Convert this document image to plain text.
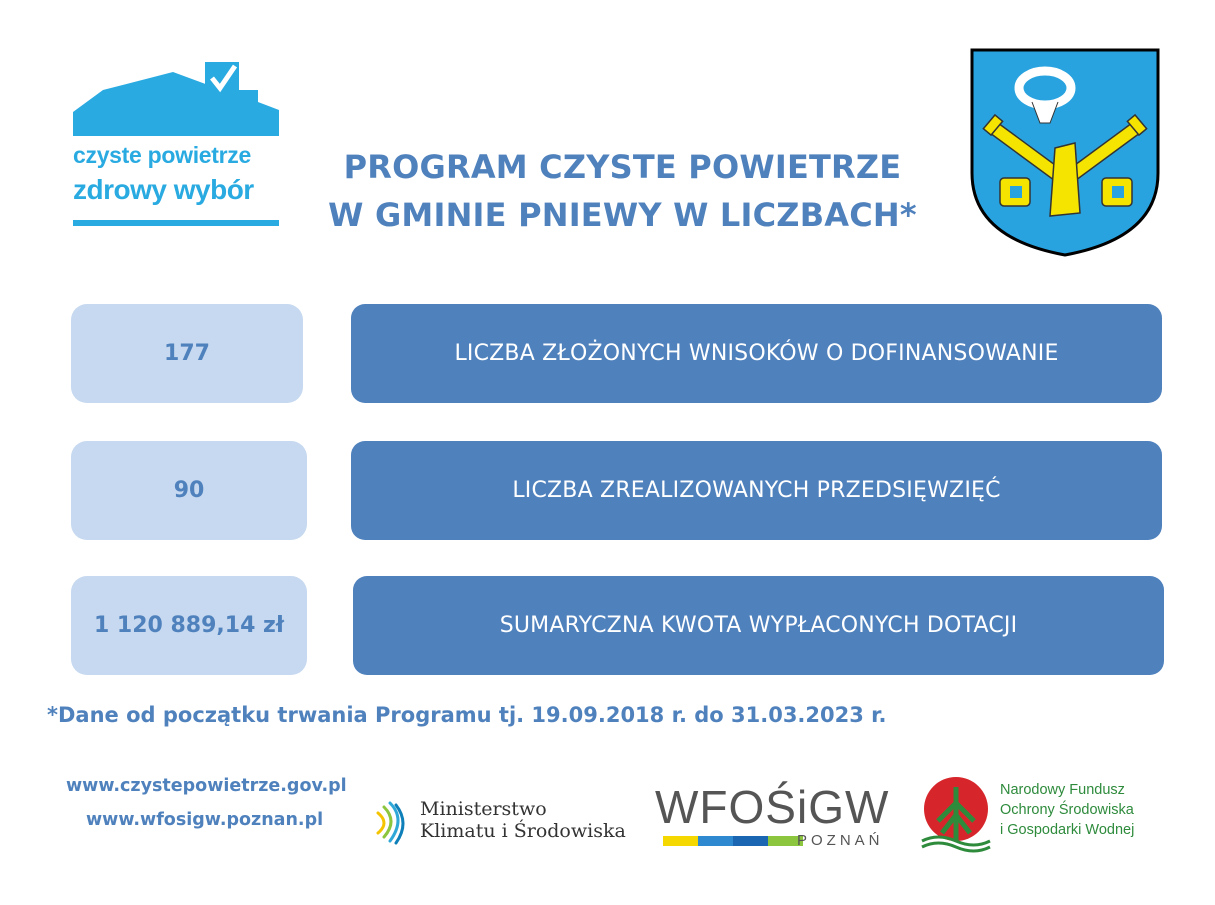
czyste powietrze
zdrowy wybór
PROGRAM CZYSTE POWIETRZE
W GMINIE PNIEWY W LICZBACH*
177	LICZBA ZŁOŻONYCH WNISOKÓW O DOFINANSOWANIE
90	LICZBA ZREALIZOWANYCH PRZEDSIĘWZIĘĆ
1 120 889,14 zł	SUMARYCZNA KWOTA WYPŁACONYCH DOTACJI
*Dane od początku trwania Programu tj. 19.09.2018 r. do 31.03.2023 r.
www.czystepowietrze.gov.pl
www.wfosigw.poznan.pl	Ministerstwo
Klimatu i Środowiska WFOŚiGW
POZNAŃ
Narodowy Fundusz
Ochrony Środowiska
i Gospodarki Wodnej
